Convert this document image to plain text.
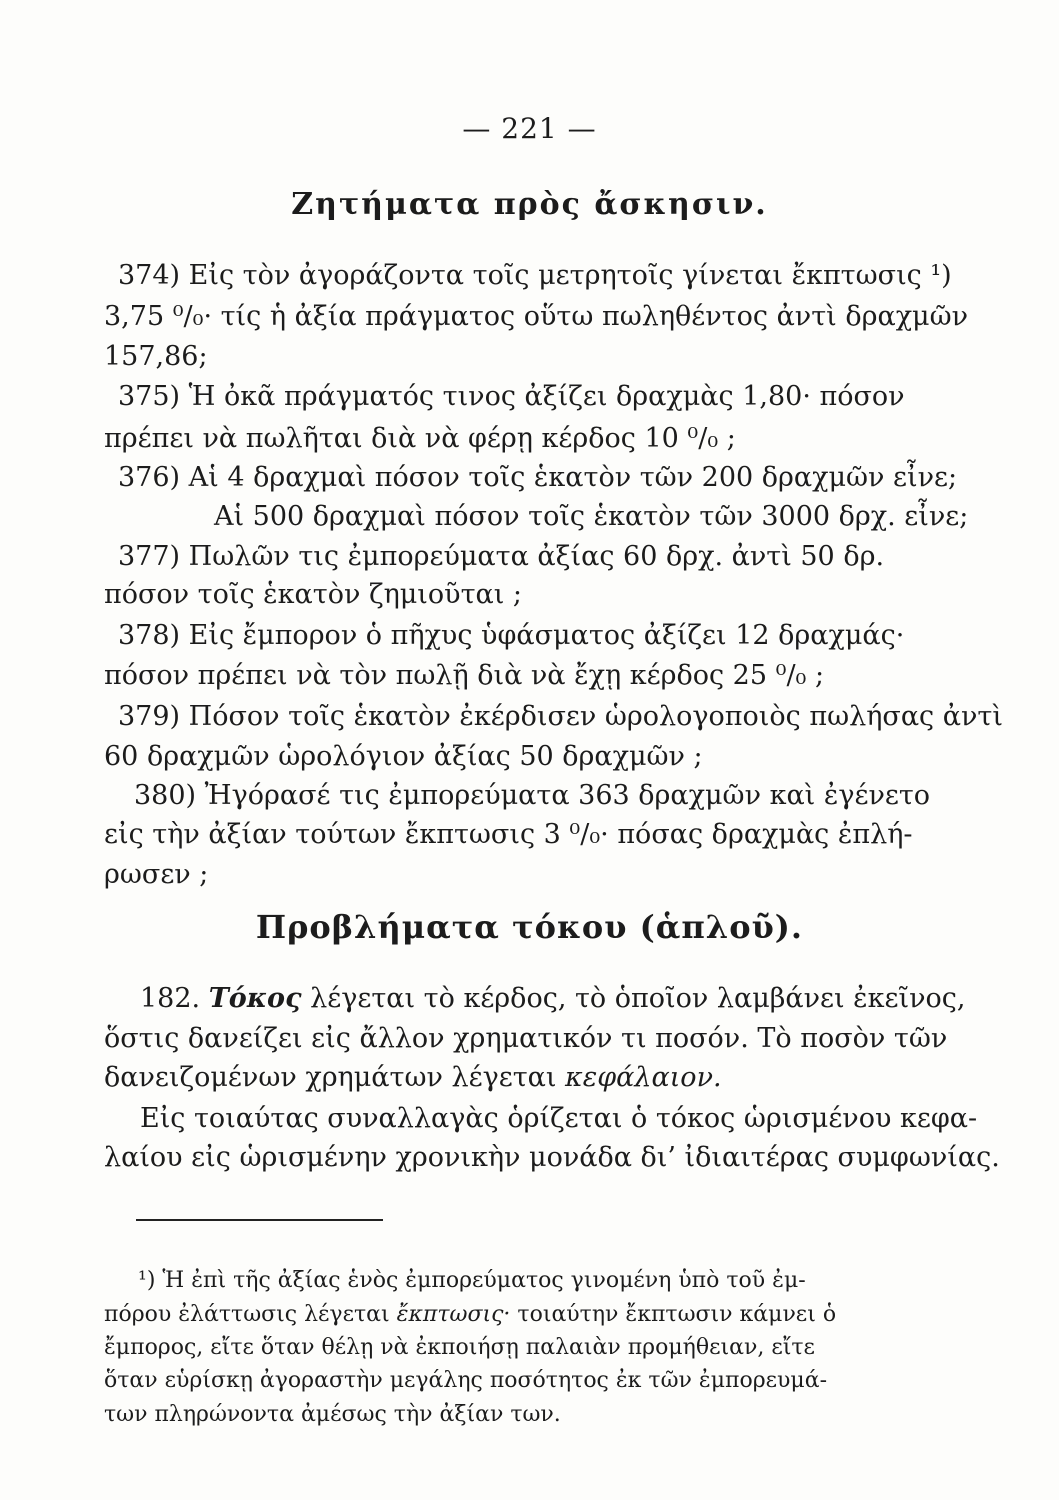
— 221 —
Ζητήματα πρὸς ἄσκησιν.
374) Εἰς τὸν ἀγοράζοντα τοῖς μετρητοῖς γίνεται ἔκπτωσις ¹)
3,75 ⁰/₀· τίς ἡ ἀξία πράγματος οὕτω πωληθέντος ἀντὶ δραχμῶν
157,86;
375) Ἡ ὀκᾶ πράγματός τινος ἀξίζει δραχμὰς 1,80· πόσον
πρέπει νὰ πωλῆται διὰ νὰ φέρῃ κέρδος 10 ⁰/₀ ;
376) Αἱ 4 δραχμαὶ πόσον τοῖς ἑκατὸν τῶν 200 δραχμῶν εἶνε;
Αἱ 500 δραχμαὶ πόσον τοῖς ἑκατὸν τῶν 3000 δρχ. εἶνε;
377) Πωλῶν τις ἐμπορεύματα ἀξίας 60 δρχ. ἀντὶ 50 δρ.
πόσον τοῖς ἑκατὸν ζημιοῦται ;
378) Εἰς ἔμπορον ὁ πῆχυς ὑφάσματος ἀξίζει 12 δραχμάς·
πόσον πρέπει νὰ τὸν πωλῇ διὰ νὰ ἔχῃ κέρδος 25 ⁰/₀ ;
379) Πόσον τοῖς ἑκατὸν ἐκέρδισεν ὡρολογοποιὸς πωλήσας ἀντὶ
60 δραχμῶν ὡρολόγιον ἀξίας 50 δραχμῶν ;
380) Ἠγόρασέ τις ἐμπορεύματα 363 δραχμῶν καὶ ἐγένετο
εἰς τὴν ἀξίαν τούτων ἔκπτωσις 3 ⁰/₀· πόσας δραχμὰς ἐπλή-
ρωσεν ;
Προβλήματα τόκου (ἁπλοῦ).
182. Τόκος λέγεται τὸ κέρδος, τὸ ὁποῖον λαμβάνει ἐκεῖνος,
ὅστις δανείζει εἰς ἄλλον χρηματικόν τι ποσόν. Τὸ ποσὸν τῶν
δανειζομένων χρημάτων λέγεται κεφάλαιον.
Εἰς τοιαύτας συναλλαγὰς ὁρίζεται ὁ τόκος ὡρισμένου κεφα-
λαίου εἰς ὡρισμένην χρονικὴν μονάδα δι’ ἰδιαιτέρας συμφωνίας.
¹) Ἡ ἐπὶ τῆς ἀξίας ἑνὸς ἐμπορεύματος γινομένη ὑπὸ τοῦ ἐμ-
πόρου ἐλάττωσις λέγεται ἔκπτωσις· τοιαύτην ἔκπτωσιν κάμνει ὁ
ἔμπορος, εἴτε ὅταν θέλῃ νὰ ἐκποιήσῃ παλαιὰν προμήθειαν, εἴτε
ὅταν εὑρίσκῃ ἀγοραστὴν μεγάλης ποσότητος ἐκ τῶν ἐμπορευμά-
των πληρώνοντα ἀμέσως τὴν ἀξίαν των.
